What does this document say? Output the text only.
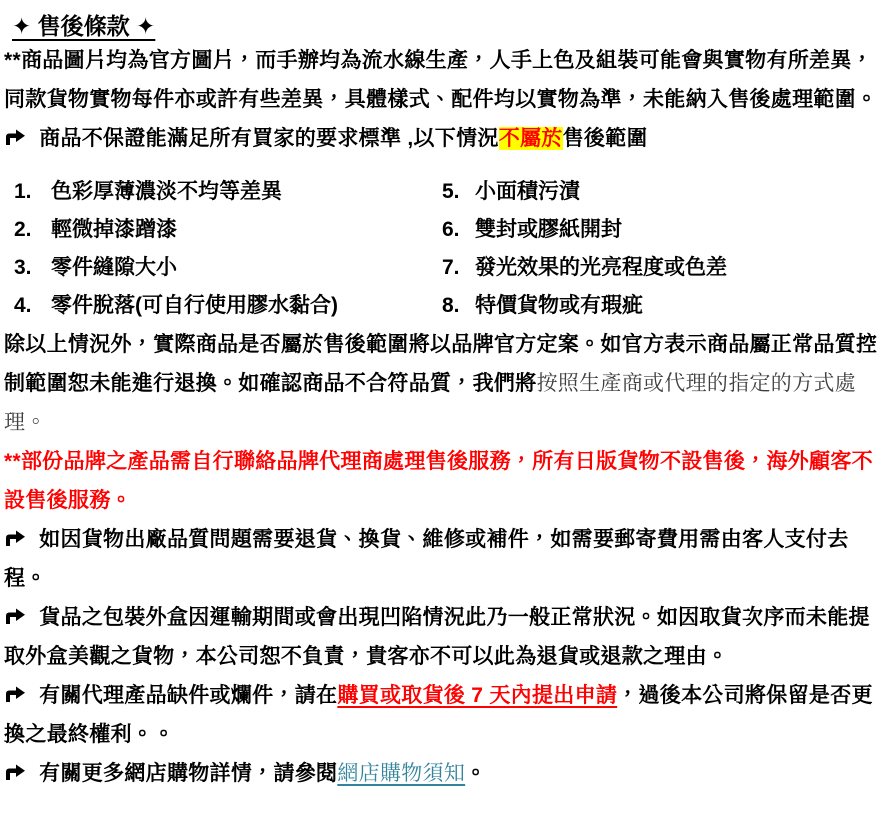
✦ 售後條款 ✦

**商品圖片均為官方圖片，而手辦均為流水線生產，人手上色及組裝可能會與實物有所差異，同款貨物實物每件亦或許有些差異，具體樣式、配件均以實物為準，未能納入售後處理範圍。

商品不保證能滿足所有買家的要求標準 ,以下情況不屬於售後範圍

1. 色彩厚薄濃淡不均等差異
2. 輕微掉漆蹭漆
3. 零件縫隙大小
4. 零件脫落(可自行使用膠水黏合)
5. 小面積污漬
6. 雙封或膠紙開封
7. 發光效果的光亮程度或色差
8. 特價貨物或有瑕疵

除以上情況外，實際商品是否屬於售後範圍將以品牌官方定案。如官方表示商品屬正常品質控制範圍恕未能進行退換。如確認商品不合符品質，我們將按照生產商或代理的指定的方式處理。

**部份品牌之產品需自行聯絡品牌代理商處理售後服務，所有日版貨物不設售後，海外顧客不設售後服務。

如因貨物出廠品質問題需要退貨、換貨、維修或補件，如需要郵寄費用需由客人支付去程。

貨品之包裝外盒因運輸期間或會出現凹陷情況此乃一般正常狀況。如因取貨次序而未能提取外盒美觀之貨物，本公司恕不負責，貴客亦不可以此為退貨或退款之理由。

有關代理產品缺件或爛件，請在購買或取貨後 7 天內提出申請，過後本公司將保留是否更換之最終權利。。

有關更多網店購物詳情，請參閱網店購物須知。
